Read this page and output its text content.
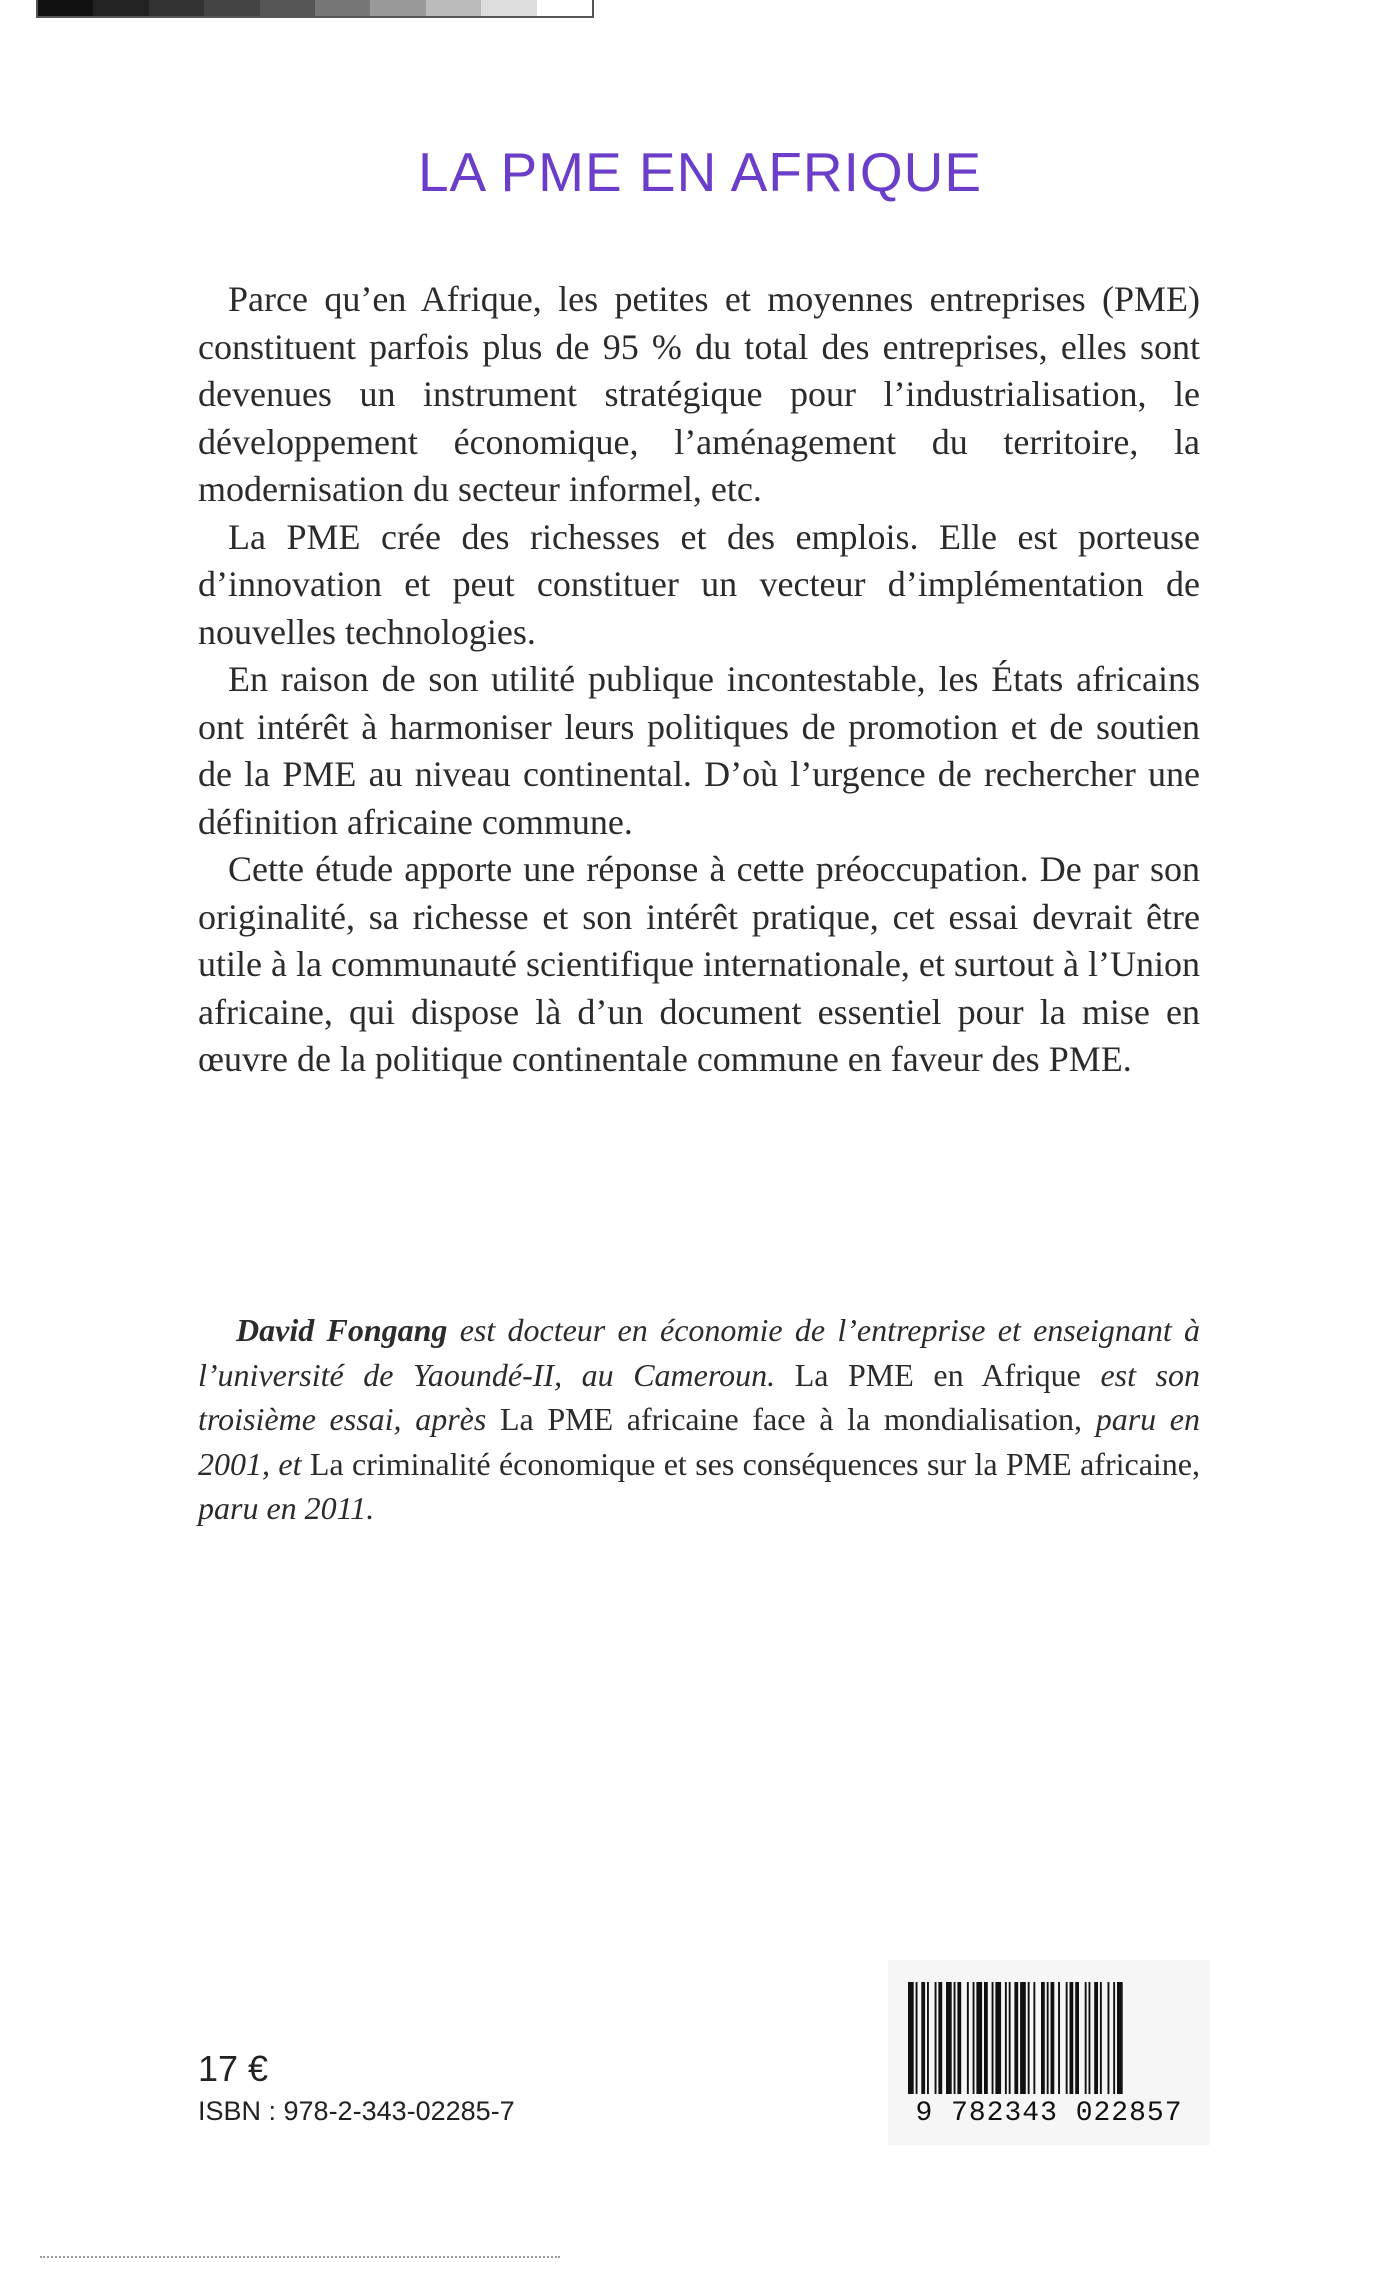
LA PME EN AFRIQUE

Parce qu’en Afrique, les petites et moyennes entreprises (PME) constituent parfois plus de 95 % du total des entreprises, elles sont devenues un instrument stratégique pour l’industrialisation, le développement économique, l’aménagement du territoire, la modernisation du secteur informel, etc.

La PME crée des richesses et des emplois. Elle est porteuse d’innovation et peut constituer un vecteur d’implémentation de nouvelles technologies.

En raison de son utilité publique incontestable, les États africains ont intérêt à harmoniser leurs politiques de promotion et de soutien de la PME au niveau continental. D’où l’urgence de rechercher une définition africaine commune.

Cette étude apporte une réponse à cette préoccupation. De par son originalité, sa richesse et son intérêt pratique, cet essai devrait être utile à la communauté scientifique internationale, et surtout à l’Union africaine, qui dispose là d’un document essentiel pour la mise en œuvre de la politique continentale commune en faveur des PME.

David Fongang est docteur en économie de l’entreprise et enseignant à l’université de Yaoundé-II, au Cameroun. La PME en Afrique est son troisième essai, après La PME africaine face à la mondialisation, paru en 2001, et La criminalité économique et ses conséquences sur la PME africaine, paru en 2011.
17 €
ISBN : 978-2-343-02285-7	9 782343 022857
